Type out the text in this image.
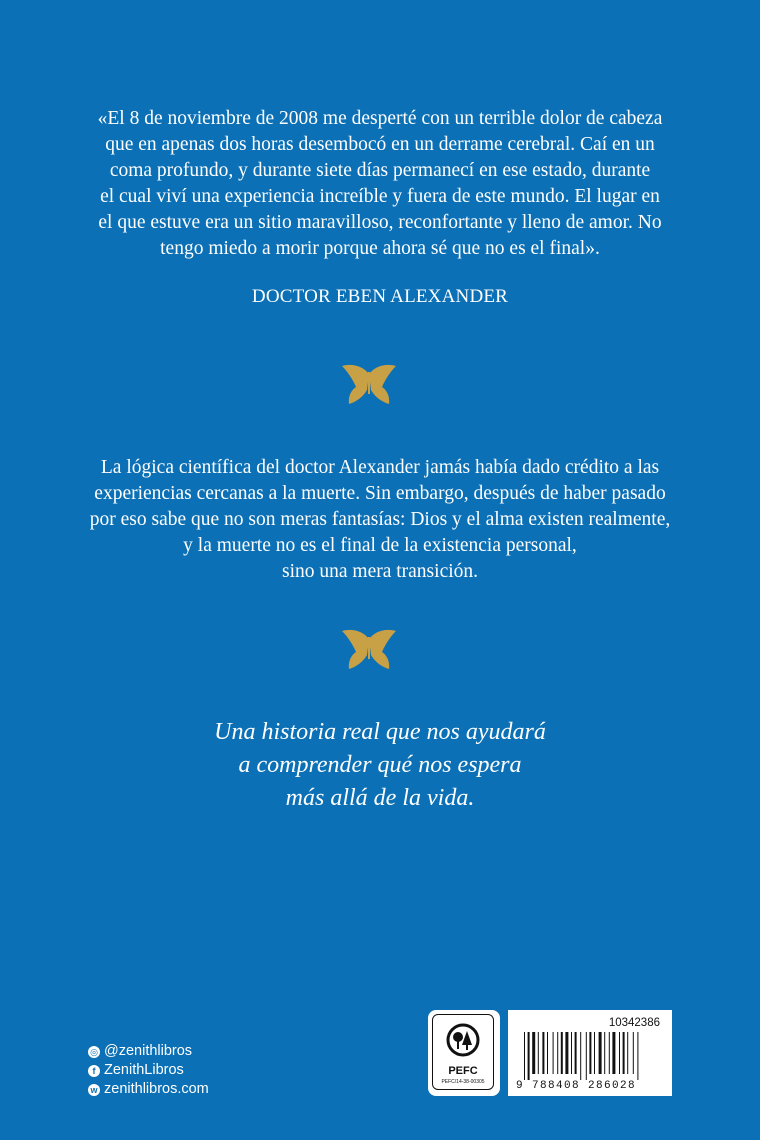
«El 8 de noviembre de 2008 me desperté con un terrible dolor de cabeza
que en apenas dos horas desembocó en un derrame cerebral. Caí en un
coma profundo, y durante siete días permanecí en ese estado, durante
el cual viví una experiencia increíble y fuera de este mundo. El lugar en
el que estuve era un sitio maravilloso, reconfortante y lleno de amor. No
tengo miedo a morir porque ahora sé que no es el final».
DOCTOR EBEN ALEXANDER
La lógica científica del doctor Alexander jamás había dado crédito a las
experiencias cercanas a la muerte. Sin embargo, después de haber pasado
por eso sabe que no son meras fantasías: Dios y el alma existen realmente,
y la muerte no es el final de la existencia personal,
sino una mera transición.
Una historia real que nos ayudará
a comprender qué nos espera
más allá de la vida.
◎ @zenithlibros
f ZenithLibros
w zenithlibros.com
PEFC
PEFC/14-38-00305
10342386
9 788408 286028
